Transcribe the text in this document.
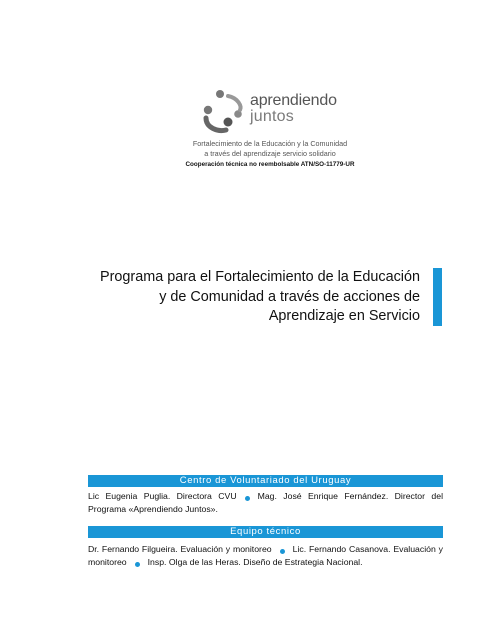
aprendiendo
juntos
Fortalecimiento de la Educación y la Comunidad
a través del aprendizaje servicio solidario
Cooperación técnica no reembolsable ATN/SO-11779-UR
Programa para el Fortalecimiento de la Educación
y de Comunidad a través de acciones de
Aprendizaje en Servicio
Centro de Voluntariado del Uruguay
Lic Eugenia Puglia. Directora CVU Mag. José Enrique Fernández. Director del Programa «Aprendiendo Juntos».
Equipo técnico
Dr. Fernando Filgueira. Evaluación y monitoreo Lic. Fernando Casanova. Evaluación y monitoreo Insp. Olga de las Heras. Diseño de Estrategia Nacional.
